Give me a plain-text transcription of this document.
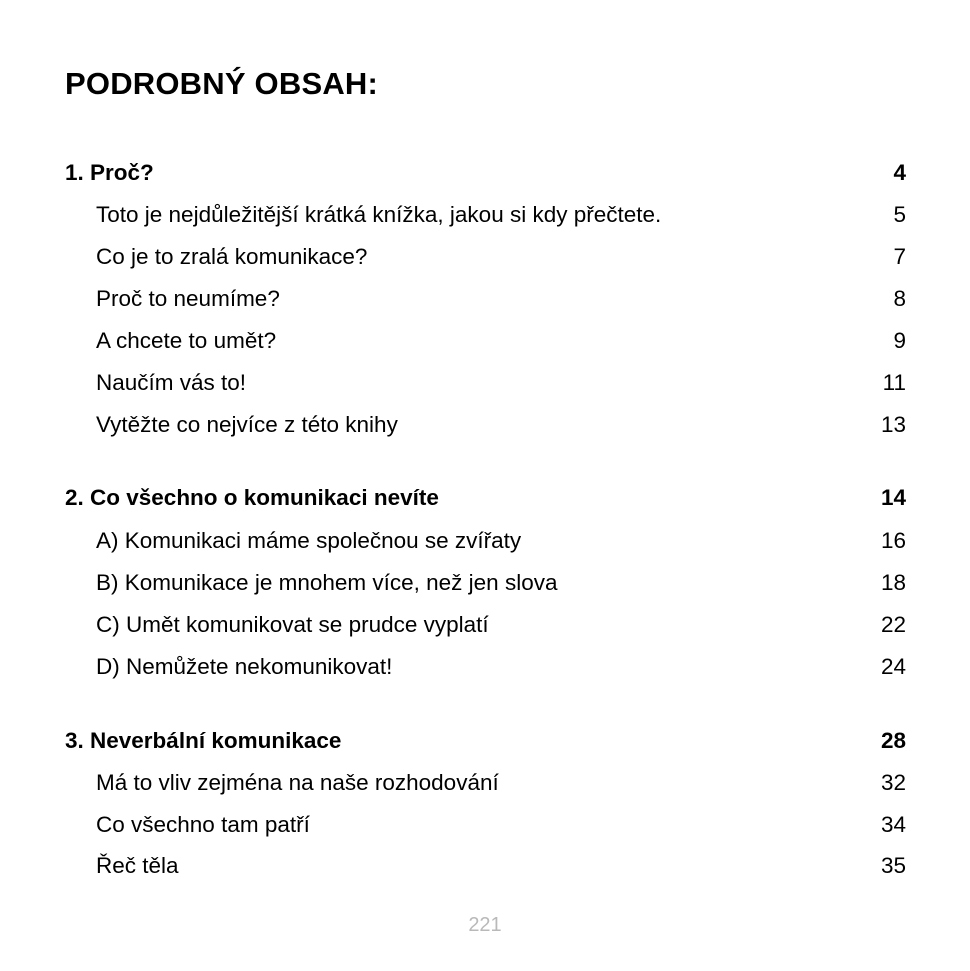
PODROBNÝ OBSAH:
1. Proč?	4
Toto je nejdůležitější krátká knížka, jakou si kdy přečtete.	5
Co je to zralá komunikace?	7
Proč to neumíme?	8
A chcete to umět?	9
Naučím vás to!	11
Vytěžte co nejvíce z této knihy	13
2. Co všechno o komunikaci nevíte	14
A) Komunikaci máme společnou se zvířaty	16
B) Komunikace je mnohem více, než jen slova	18
C) Umět komunikovat se prudce vyplatí	22
D) Nemůžete nekomunikovat!	24
3. Neverbální komunikace	28
Má to vliv zejména na naše rozhodování	32
Co všechno tam patří	34
Řeč těla	35
221
